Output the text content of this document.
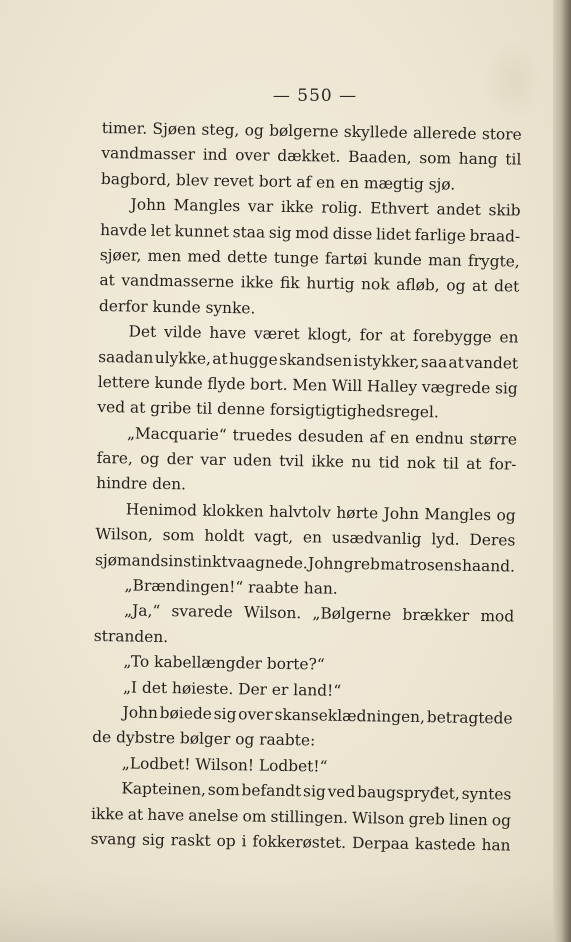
— 550 —
timer. Sjøen steg, og bølgerne skyllede allerede store
vandmasser ind over dækket. Baaden, som hang til
bagbord, blev revet bort af en en mægtig sjø.
John Mangles var ikke rolig. Ethvert andet skib
havde let kunnet staa sig mod disse lidet farlige braad-
sjøer, men med dette tunge fartøi kunde man frygte,
at vandmasserne ikke fik hurtig nok afløb, og at det
derfor kunde synke.
Det vilde have været klogt, for at forebygge en
saadan ulykke, at hugge skandsen istykker, saa at vandet
lettere kunde flyde bort. Men Will Halley vægrede sig
ved at gribe til denne forsigtigtighedsregel.
„Macquarie“ truedes desuden af en endnu større
fare, og der var uden tvil ikke nu tid nok til at for-
hindre den.
Henimod klokken halvtolv hørte John Mangles og
Wilson, som holdt vagt, en usædvanlig lyd. Deres
sjømandsinstinkt vaagnede. John greb matrosens haand.
„Brændingen!“ raabte han.
„Ja,“ svarede Wilson. „Bølgerne brækker mod
stranden.
„To kabellængder borte?“
„I det høieste. Der er land!“
John bøiede sig over skanseklædningen, betragtede
de dybstre bølger og raabte:
„Lodbet! Wilson! Lodbet!“
Kapteinen, som befandt sig ved baugspryđet, syntes
ikke at have anelse om stillingen. Wilson greb linen og
svang sig raskt op i fokkerøstet. Derpaa kastede han
